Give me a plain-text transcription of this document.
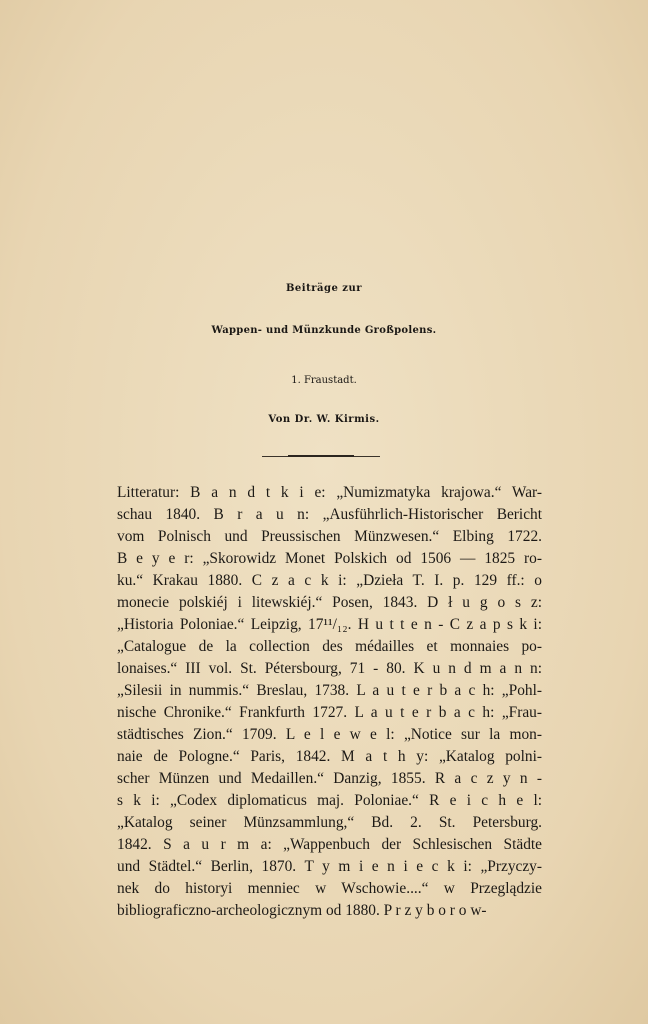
Beiträge zur
Wappen- und Münzkunde Großpolens.
1. Fraustadt.
Von Dr. W. Kirmis.
Litteratur: B a n d t k i e: „Numizmatyka krajowa.“ War-
schau 1840. B r a u n: „Ausführlich-Historischer Bericht
vom Polnisch und Preussischen Münzwesen.“ Elbing 1722.
B e y e r: „Skorowidz Monet Polskich od 1506 — 1825 ro-
ku.“ Krakau 1880. C z a c k i: „Dzieła T. I. p. 129 ff.: o
monecie polskiéj i litewskiéj.“ Posen, 1843. D ł u g o s z:
„Historia Poloniae.“ Leipzig, 17¹¹/₁₂. H u t t e n - C z a p s k i:
„Catalogue de la collection des médailles et monnaies po-
lonaises.“ III vol. St. Pétersbourg, 71 - 80. K u n d m a n n:
„Silesii in nummis.“ Breslau, 1738. L a u t e r b a c h: „Pohl-
nische Chronike.“ Frankfurth 1727. L a u t e r b a c h: „Frau-
städtisches Zion.“ 1709. L e l e w e l: „Notice sur la mon-
naie de Pologne.“ Paris, 1842. M a t h y: „Katalog polni-
scher Münzen und Medaillen.“ Danzig, 1855. R a c z y n -
s k i: „Codex diplomaticus maj. Poloniae.“ R e i c h e l:
„Katalog seiner Münzsammlung,“ Bd. 2. St. Petersburg.
1842. S a u r m a: „Wappenbuch der Schlesischen Städte
und Städtel.“ Berlin, 1870. T y m i e n i e c k i: „Przyczy-
nek do historyi menniec w Wschowie....“ w Przeglądzie
bibliograficzno-archeologicznym od 1880. P r z y b o r o w-
